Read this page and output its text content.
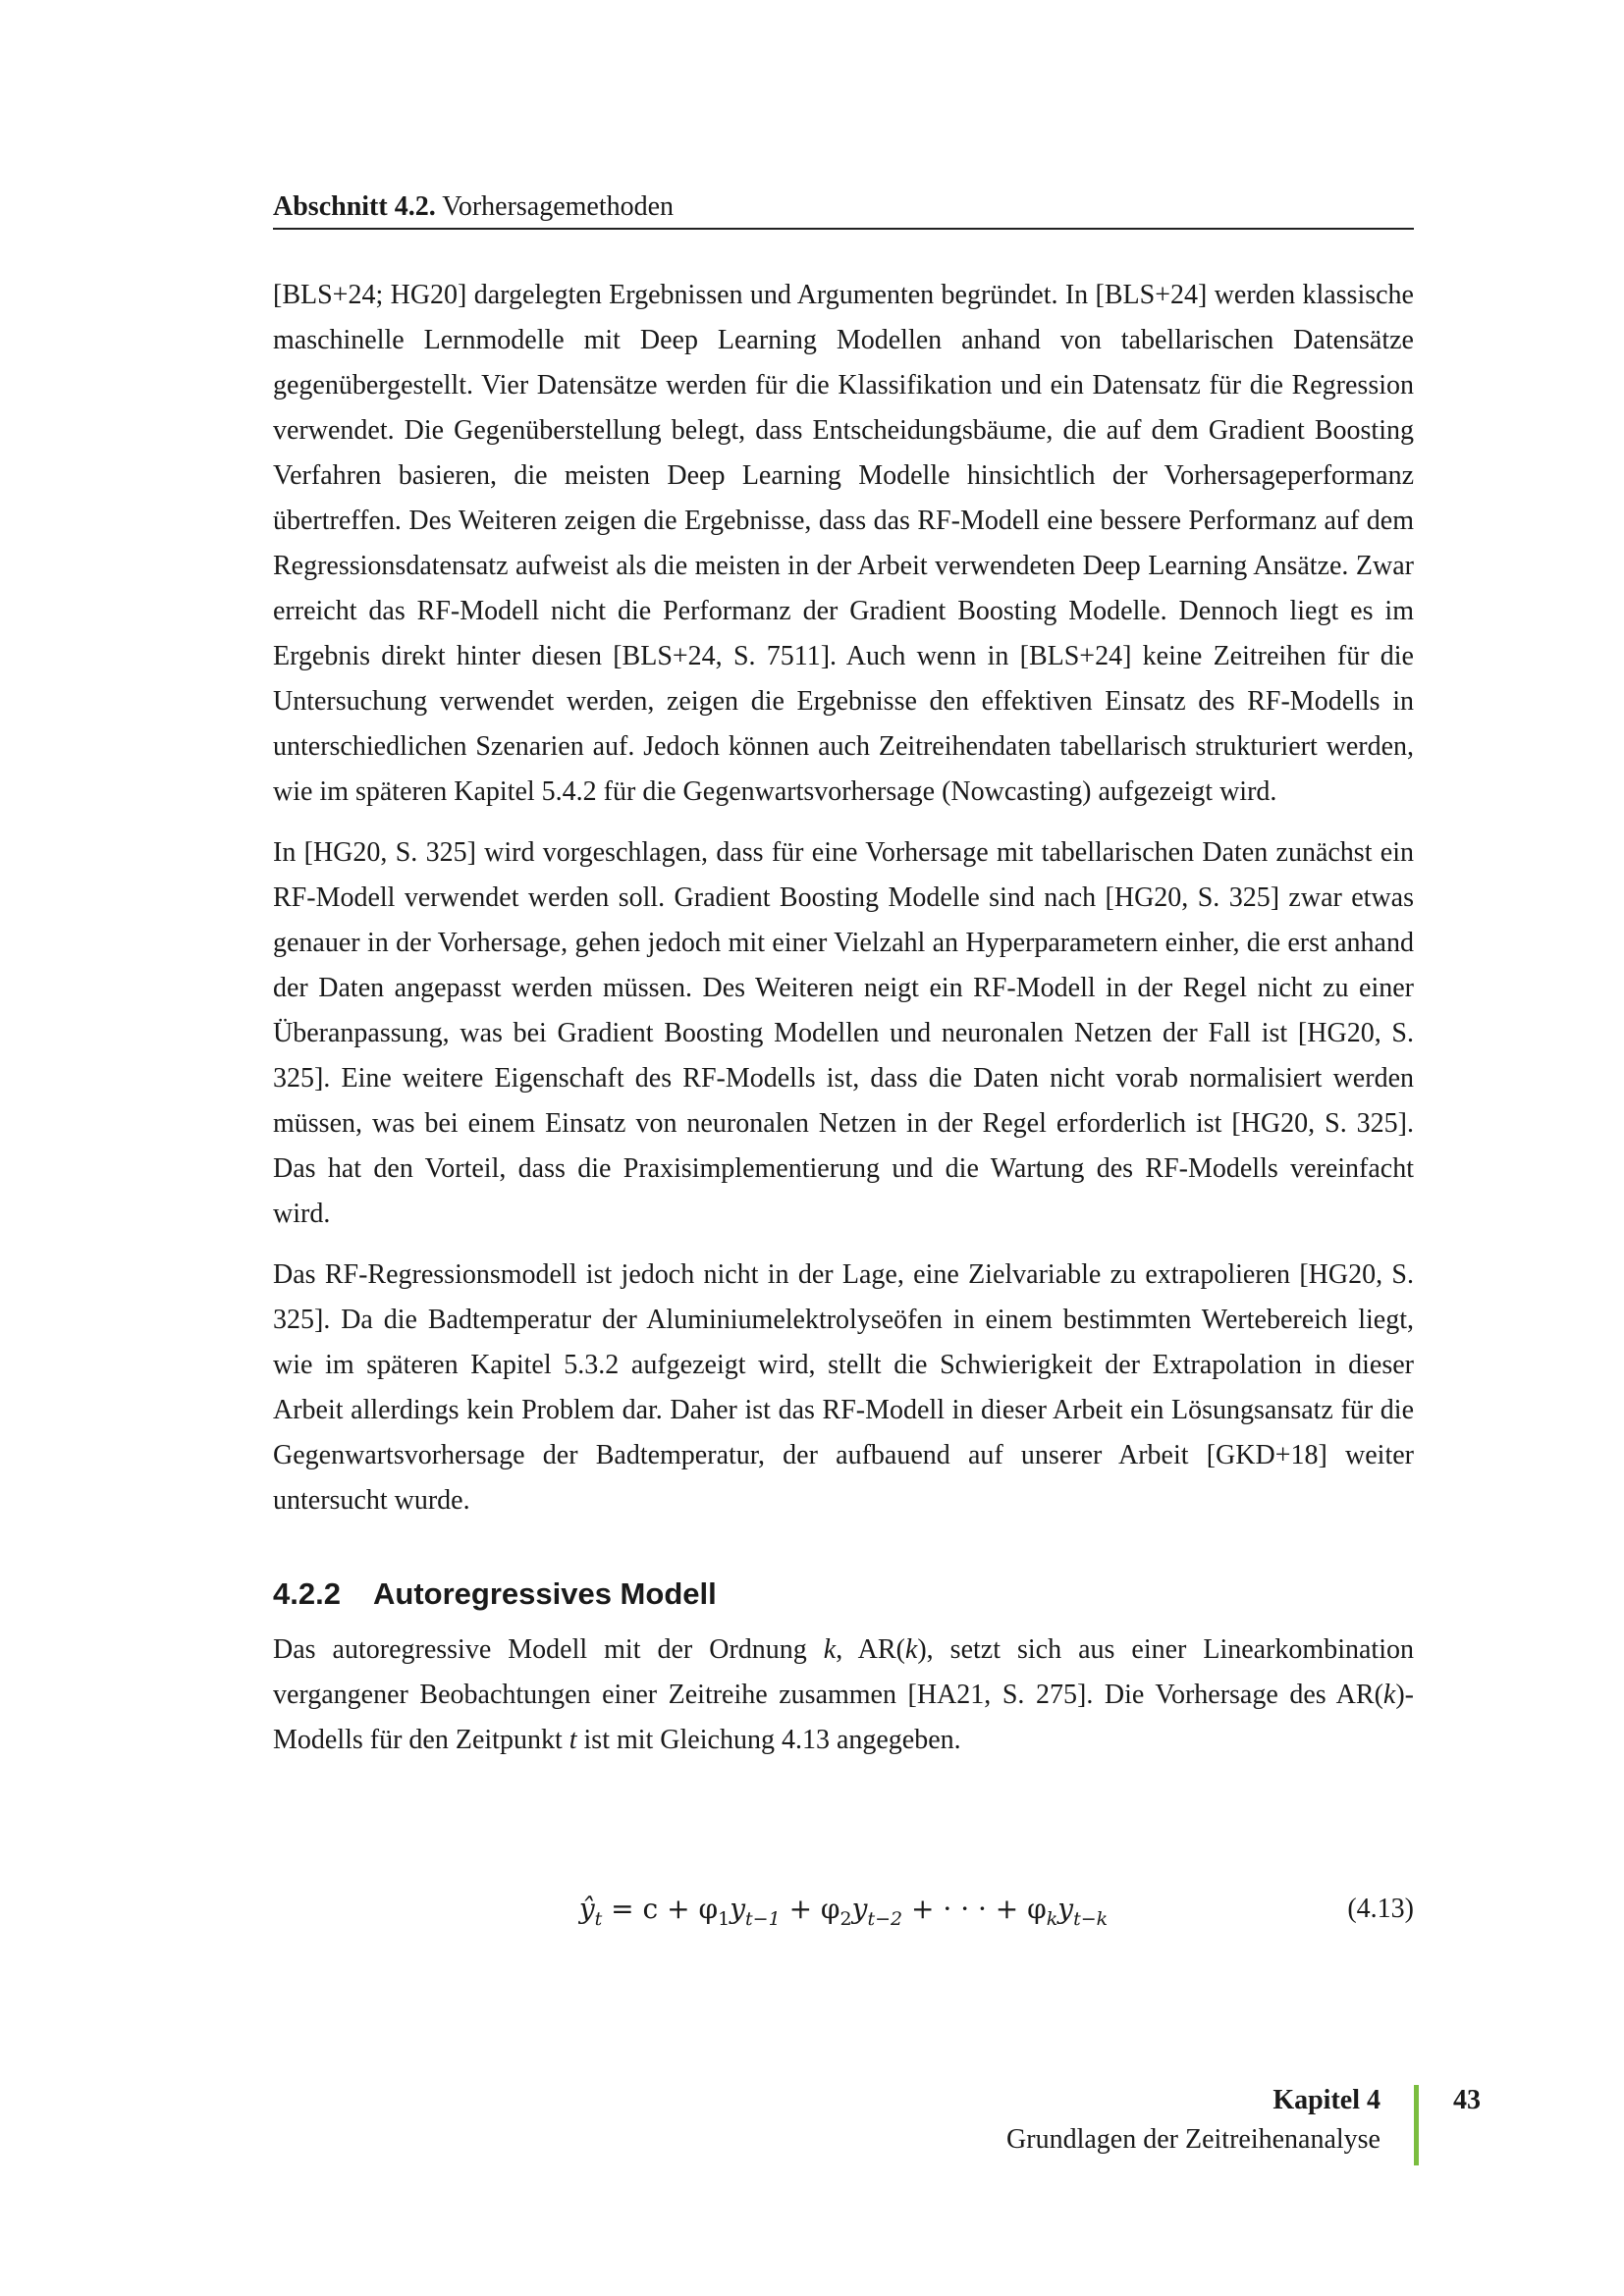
Abschnitt 4.2. Vorhersagemethoden

[BLS+24; HG20] dargelegten Ergebnissen und Argumenten begründet. In [BLS+24] werden klassische maschinelle Lernmodelle mit Deep Learning Modellen anhand von tabellarischen Datensätze gegenübergestellt. Vier Datensätze werden für die Klassifikation und ein Datensatz für die Regression verwendet. Die Gegenüberstellung belegt, dass Entscheidungsbäume, die auf dem Gradient Boosting Verfahren basieren, die meisten Deep Learning Modelle hinsichtlich der Vorhersageperformanz übertreffen. Des Weiteren zeigen die Ergebnisse, dass das RF-Modell eine bessere Performanz auf dem Regressionsdatensatz aufweist als die meisten in der Arbeit verwendeten Deep Learning Ansätze. Zwar erreicht das RF-Modell nicht die Performanz der Gradient Boosting Modelle. Dennoch liegt es im Ergebnis direkt hinter diesen [BLS+24, S. 7511]. Auch wenn in [BLS+24] keine Zeitreihen für die Untersuchung verwendet werden, zeigen die Ergebnisse den effektiven Einsatz des RF-Modells in unterschiedlichen Szenarien auf. Jedoch können auch Zeitreihendaten tabellarisch strukturiert werden, wie im späteren Kapitel 5.4.2 für die Gegenwartsvorhersage (Nowcasting) aufgezeigt wird.

In [HG20, S. 325] wird vorgeschlagen, dass für eine Vorhersage mit tabellarischen Daten zunächst ein RF-Modell verwendet werden soll. Gradient Boosting Modelle sind nach [HG20, S. 325] zwar etwas genauer in der Vorhersage, gehen jedoch mit einer Vielzahl an Hyperparametern einher, die erst anhand der Daten angepasst werden müssen. Des Weiteren neigt ein RF-Modell in der Regel nicht zu einer Überanpassung, was bei Gradient Boosting Modellen und neuronalen Netzen der Fall ist [HG20, S. 325]. Eine weitere Eigenschaft des RF-Modells ist, dass die Daten nicht vorab normalisiert werden müssen, was bei einem Einsatz von neuronalen Netzen in der Regel erforderlich ist [HG20, S. 325]. Das hat den Vorteil, dass die Praxisimplementierung und die Wartung des RF-Modells vereinfacht wird.

Das RF-Regressionsmodell ist jedoch nicht in der Lage, eine Zielvariable zu extrapolieren [HG20, S. 325]. Da die Badtemperatur der Aluminiumelektrolyseöfen in einem bestimmten Wertebereich liegt, wie im späteren Kapitel 5.3.2 aufgezeigt wird, stellt die Schwierigkeit der Extrapolation in dieser Arbeit allerdings kein Problem dar. Daher ist das RF-Modell in dieser Arbeit ein Lösungsansatz für die Gegenwartsvorhersage der Badtemperatur, der aufbauend auf unserer Arbeit [GKD+18] weiter untersucht wurde.

4.2.2 Autoregressives Modell

Das autoregressive Modell mit der Ordnung k, AR(k), setzt sich aus einer Linearkombination vergangener Beobachtungen einer Zeitreihe zusammen [HA21, S. 275]. Die Vorhersage des AR(k)-Modells für den Zeitpunkt t ist mit Gleichung 4.13 angegeben.

$ŷ_t = c + \varphi_1y_{t-1} + \varphi_2y_{t-2}$ + · · · + $\varphi_ky_{t-k}$	(4.13)
Kapitel 4
Grundlagen der Zeitreihenanalyse
43
